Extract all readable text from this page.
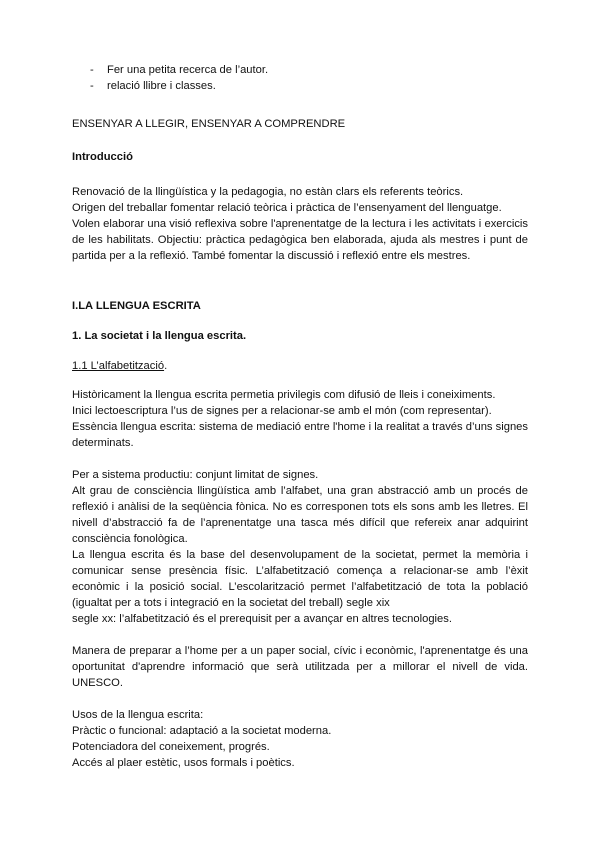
- Fer una petita recerca de l’autor.
- relació llibre i classes.

ENSENYAR A LLEGIR, ENSENYAR A COMPRENDRE

Introducció

Renovació de la llingüística y la pedagogia, no estàn clars els referents teòrics.

Origen del treballar fomentar relació teòrica i pràctica de l’ensenyament del llenguatge.

Volen elaborar una visió reflexiva sobre l'aprenentatge de la lectura i les activitats i exercicis

de les habilitats. Objectiu: pràctica pedagògica ben elaborada, ajuda als mestres i punt de

partida per a la reflexió. També fomentar la discussió i reflexió entre els mestres.

I.LA LLENGUA ESCRITA

1. La societat i la llengua escrita.

1.1 L’alfabetització.

Històricament la llengua escrita permetia privilegis com difusió de lleis i coneiximents.

Inici lectoescriptura l’us de signes per a relacionar-se amb el món (com representar).

Essència llengua escrita: sistema de mediació entre l'home i la realitat a través d’uns signes

determinats.

Per a sistema productiu: conjunt limitat de signes.

Alt grau de consciència llingüística amb l’alfabet, una gran abstracció amb un procés de

reflexió i anàlisi de la seqüència fònica. No es corresponen tots els sons amb les lletres. El

nivell d’abstracció fa de l’aprenentatge una tasca més difícil que refereix anar adquirint

consciència fonològica.

La llengua escrita és la base del desenvolupament de la societat, permet la memòria i

comunicar sense presència físic. L’alfabetització comença a relacionar-se amb l’èxit

econòmic i la posició social. L’escolarització permet l’alfabetització de tota la població

(igualtat per a tots i integració en la societat del treball) segle xix

segle xx: l’alfabetització és el prerequisit per a avançar en altres tecnologies.

Manera de preparar a l’home per a un paper social, cívic i econòmic, l'aprenentatge és una

oportunitat d'aprendre informació que serà utilitzada per a millorar el nivell de vida.

UNESCO.

Usos de la llengua escrita:

Pràctic o funcional: adaptació a la societat moderna.

Potenciadora del coneixement, progrés.

Accés al plaer estètic, usos formals i poètics.
